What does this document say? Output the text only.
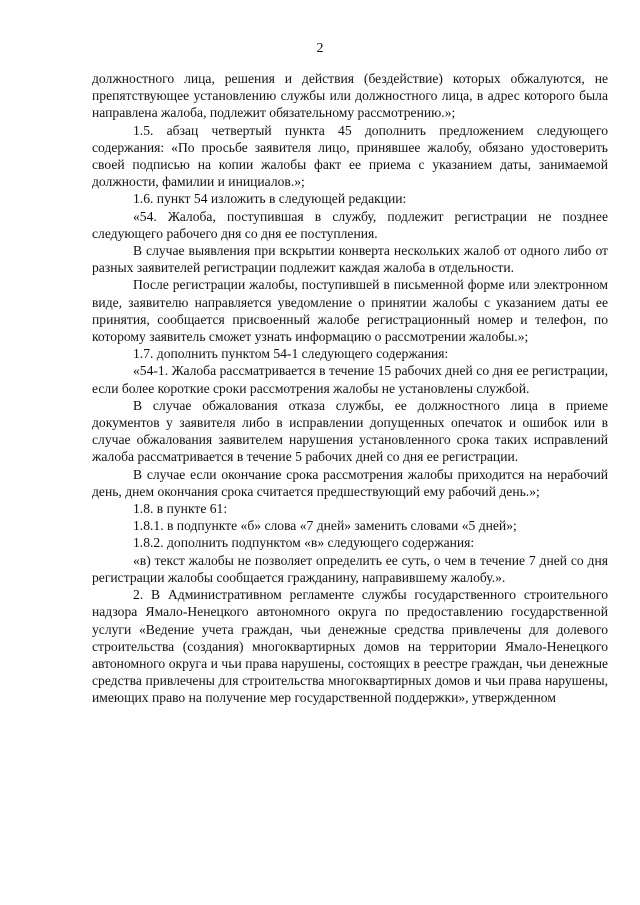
2

должностного лица, решения и действия (бездействие) которых обжалуются, не препятствующее установлению службы или должностного лица, в адрес которого была направлена жалоба, подлежит обязательному рассмотрению.»;

1.5. абзац четвертый пункта 45 дополнить предложением следующего содержания: «По просьбе заявителя лицо, принявшее жалобу, обязано удостоверить своей подписью на копии жалобы факт ее приема с указанием даты, занимаемой должности, фамилии и инициалов.»;

1.6. пункт 54 изложить в следующей редакции:

«54. Жалоба, поступившая в службу, подлежит регистрации не позднее следующего рабочего дня со дня ее поступления.

В случае выявления при вскрытии конверта нескольких жалоб от одного либо от разных заявителей регистрации подлежит каждая жалоба в отдельности.

После регистрации жалобы, поступившей в письменной форме или электронном виде, заявителю направляется уведомление о принятии жалобы с указанием даты ее принятия, сообщается присвоенный жалобе регистрационный номер и телефон, по которому заявитель сможет узнать информацию о рассмотрении жалобы.»;

1.7. дополнить пунктом 54-1 следующего содержания:

«54-1. Жалоба рассматривается в течение 15 рабочих дней со дня ее регистрации, если более короткие сроки рассмотрения жалобы не установлены службой.

В случае обжалования отказа службы, ее должностного лица в приеме документов у заявителя либо в исправлении допущенных опечаток и ошибок или в случае обжалования заявителем нарушения установленного срока таких исправлений жалоба рассматривается в течение 5 рабочих дней со дня ее регистрации.

В случае если окончание срока рассмотрения жалобы приходится на нерабочий день, днем окончания срока считается предшествующий ему рабочий день.»;

1.8. в пункте 61:

1.8.1. в подпункте «б» слова «7 дней» заменить словами «5 дней»;

1.8.2. дополнить подпунктом «в» следующего содержания:

«в) текст жалобы не позволяет определить ее суть, о чем в течение 7 дней со дня регистрации жалобы сообщается гражданину, направившему жалобу.».

2. В Административном регламенте службы государственного строительного надзора Ямало-Ненецкого автономного округа по предоставлению государственной услуги «Ведение учета граждан, чьи денежные средства привлечены для долевого строительства (создания) многоквартирных домов на территории Ямало-Ненецкого автономного округа и чьи права нарушены, состоящих в реестре граждан, чьи денежные средства привлечены для строительства многоквартирных домов и чьи права нарушены, имеющих право на получение мер государственной поддержки», утвержденном
